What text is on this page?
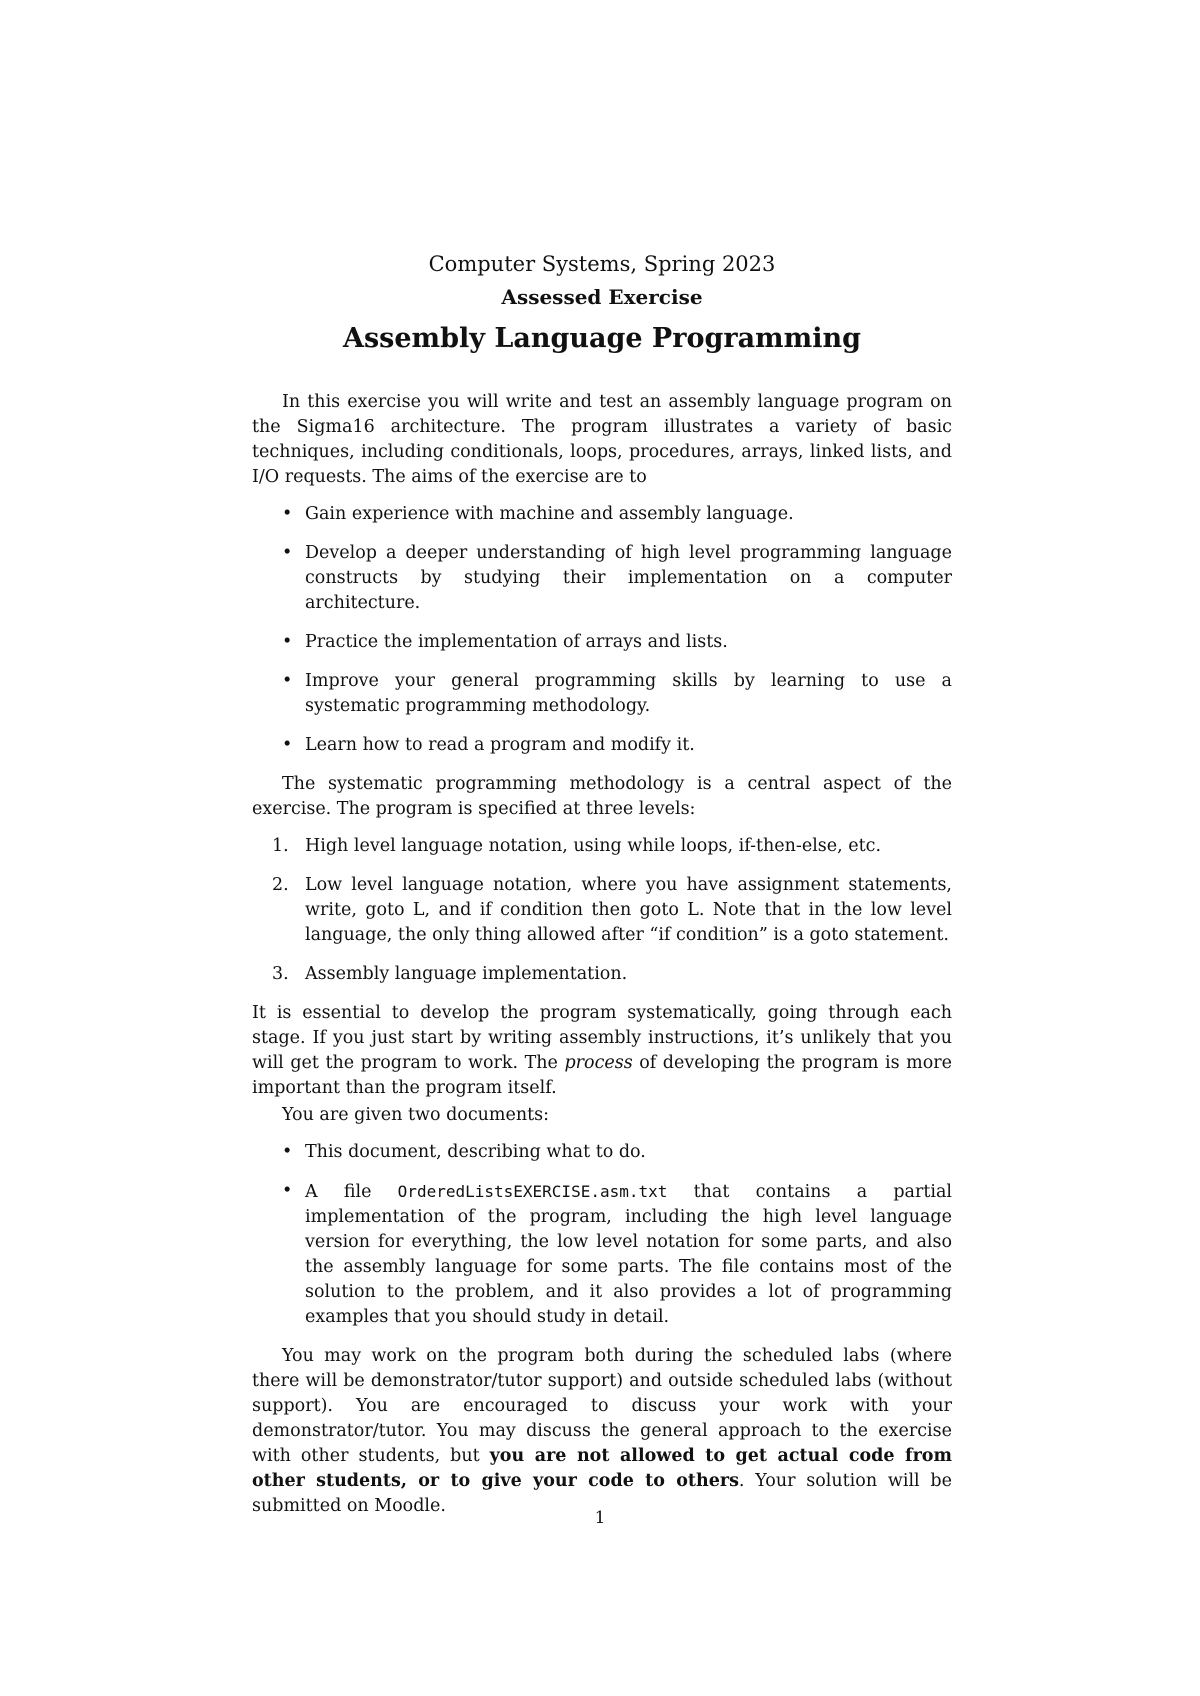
Computer Systems, Spring 2023
Assessed Exercise
Assembly Language Programming

In this exercise you will write and test an assembly language program on the Sigma16 architecture. The program illustrates a variety of basic techniques, including conditionals, loops, procedures, arrays, linked lists, and I/O requests. The aims of the exercise are to

• Gain experience with machine and assembly language.
• Develop a deeper understanding of high level programming language constructs by studying their implementation on a computer architecture.
• Practice the implementation of arrays and lists.
• Improve your general programming skills by learning to use a systematic programming methodology.
• Learn how to read a program and modify it.

The systematic programming methodology is a central aspect of the exercise. The program is specified at three levels:

1. High level language notation, using while loops, if-then-else, etc.
2. Low level language notation, where you have assignment statements, write, goto L, and if condition then goto L. Note that in the low level language, the only thing allowed after “if condition” is a goto statement.
3. Assembly language implementation.

It is essential to develop the program systematically, going through each stage. If you just start by writing assembly instructions, it’s unlikely that you will get the program to work. The process of developing the program is more important than the program itself.

You are given two documents:

• This document, describing what to do.
• A file OrderedListsEXERCISE.asm.txt that contains a partial implementation of the program, including the high level language version for everything, the low level notation for some parts, and also the assembly language for some parts. The file contains most of the solution to the problem, and it also provides a lot of programming examples that you should study in detail.

You may work on the program both during the scheduled labs (where there will be demonstrator/tutor support) and outside scheduled labs (without support). You are encouraged to discuss your work with your demonstrator/tutor. You may discuss the general approach to the exercise with other students, but you are not allowed to get actual code from other students, or to give your code to others. Your solution will be submitted on Moodle.

1
